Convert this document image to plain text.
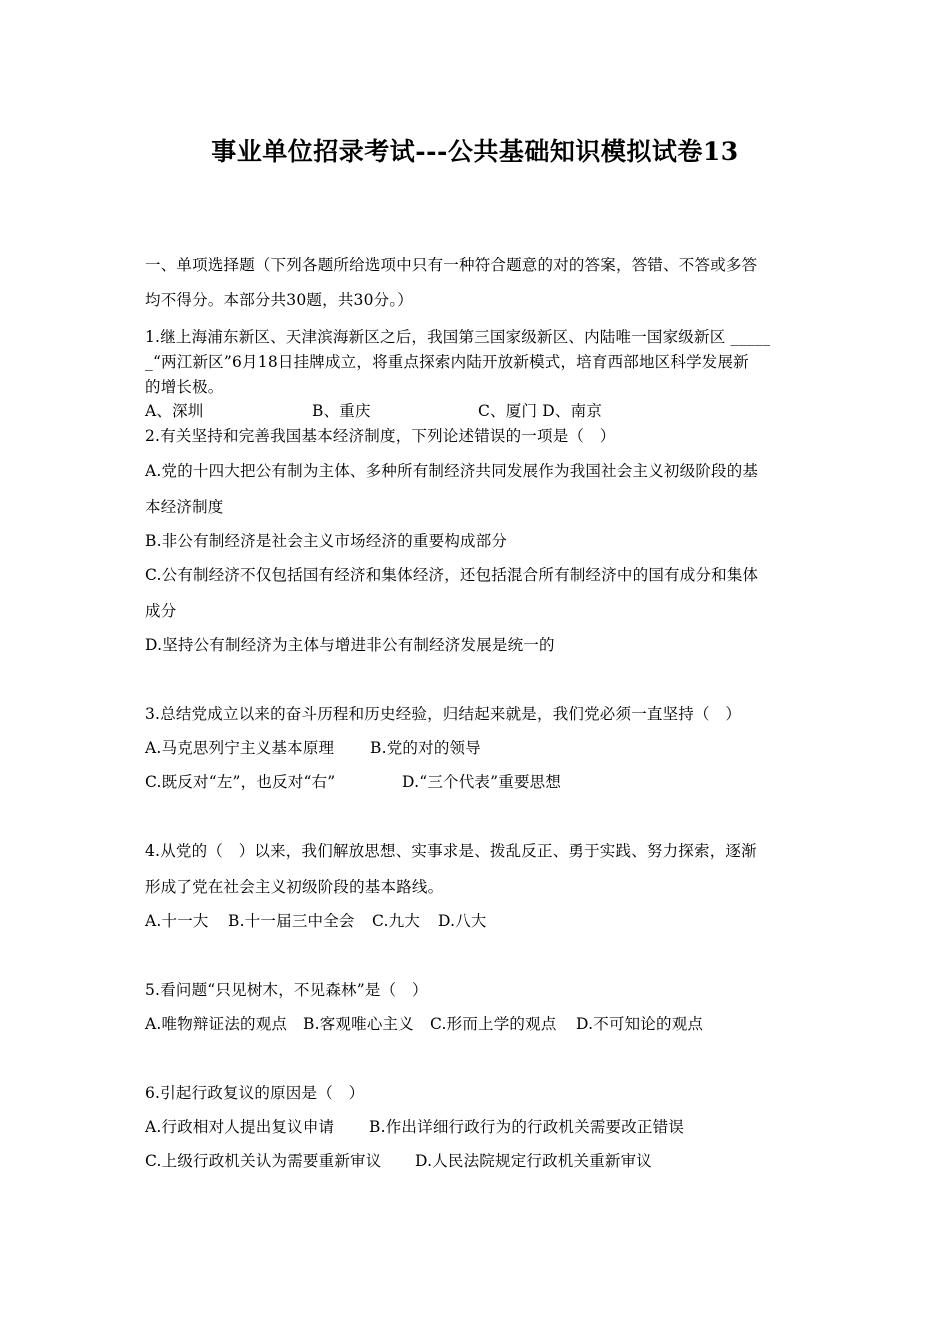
事业单位招录考试---公共基础知识模拟试卷13
一、单项选择题（下列各题所给选项中只有一种符合题意的对的答案，答错、不答或多答
均不得分。本部分共30题，共30分。）
1.继上海浦东新区、天津滨海新区之后，我国第三国家级新区、内陆唯一国家级新区 _____
_“两江新区”6月18日挂牌成立，将重点探索内陆开放新模式，培育西部地区科学发展新
的增长极。
A、深圳	B、重庆	C、厦门 D、南京
2.有关坚持和完善我国基本经济制度，下列论述错误的一项是（　）
A.党的十四大把公有制为主体、多种所有制经济共同发展作为我国社会主义初级阶段的基
本经济制度
B.非公有制经济是社会主义市场经济的重要构成部分
C.公有制经济不仅包括国有经济和集体经济，还包括混合所有制经济中的国有成分和集体
成分
D.坚持公有制经济为主体与增进非公有制经济发展是统一的
3.总结党成立以来的奋斗历程和历史经验，归结起来就是，我们党必须一直坚持（　）
A.马克思列宁主义基本原理 B.党的对的领导
C.既反对“左”，也反对“右”	D.“三个代表”重要思想
4.从党的（　）以来，我们解放思想、实事求是、拨乱反正、勇于实践、努力探索，逐渐
形成了党在社会主义初级阶段的基本路线。
A.十一大 B.十一届三中全会 C.九大 D.八大
5.看问题“只见树木，不见森林”是（　）
A.唯物辩证法的观点 B.客观唯心主义 C.形而上学的观点 D.不可知论的观点
6.引起行政复议的原因是（　）
A.行政相对人提出复议申请 B.作出详细行政行为的行政机关需要改正错误
C.上级行政机关认为需要重新审议 D.人民法院规定行政机关重新审议
